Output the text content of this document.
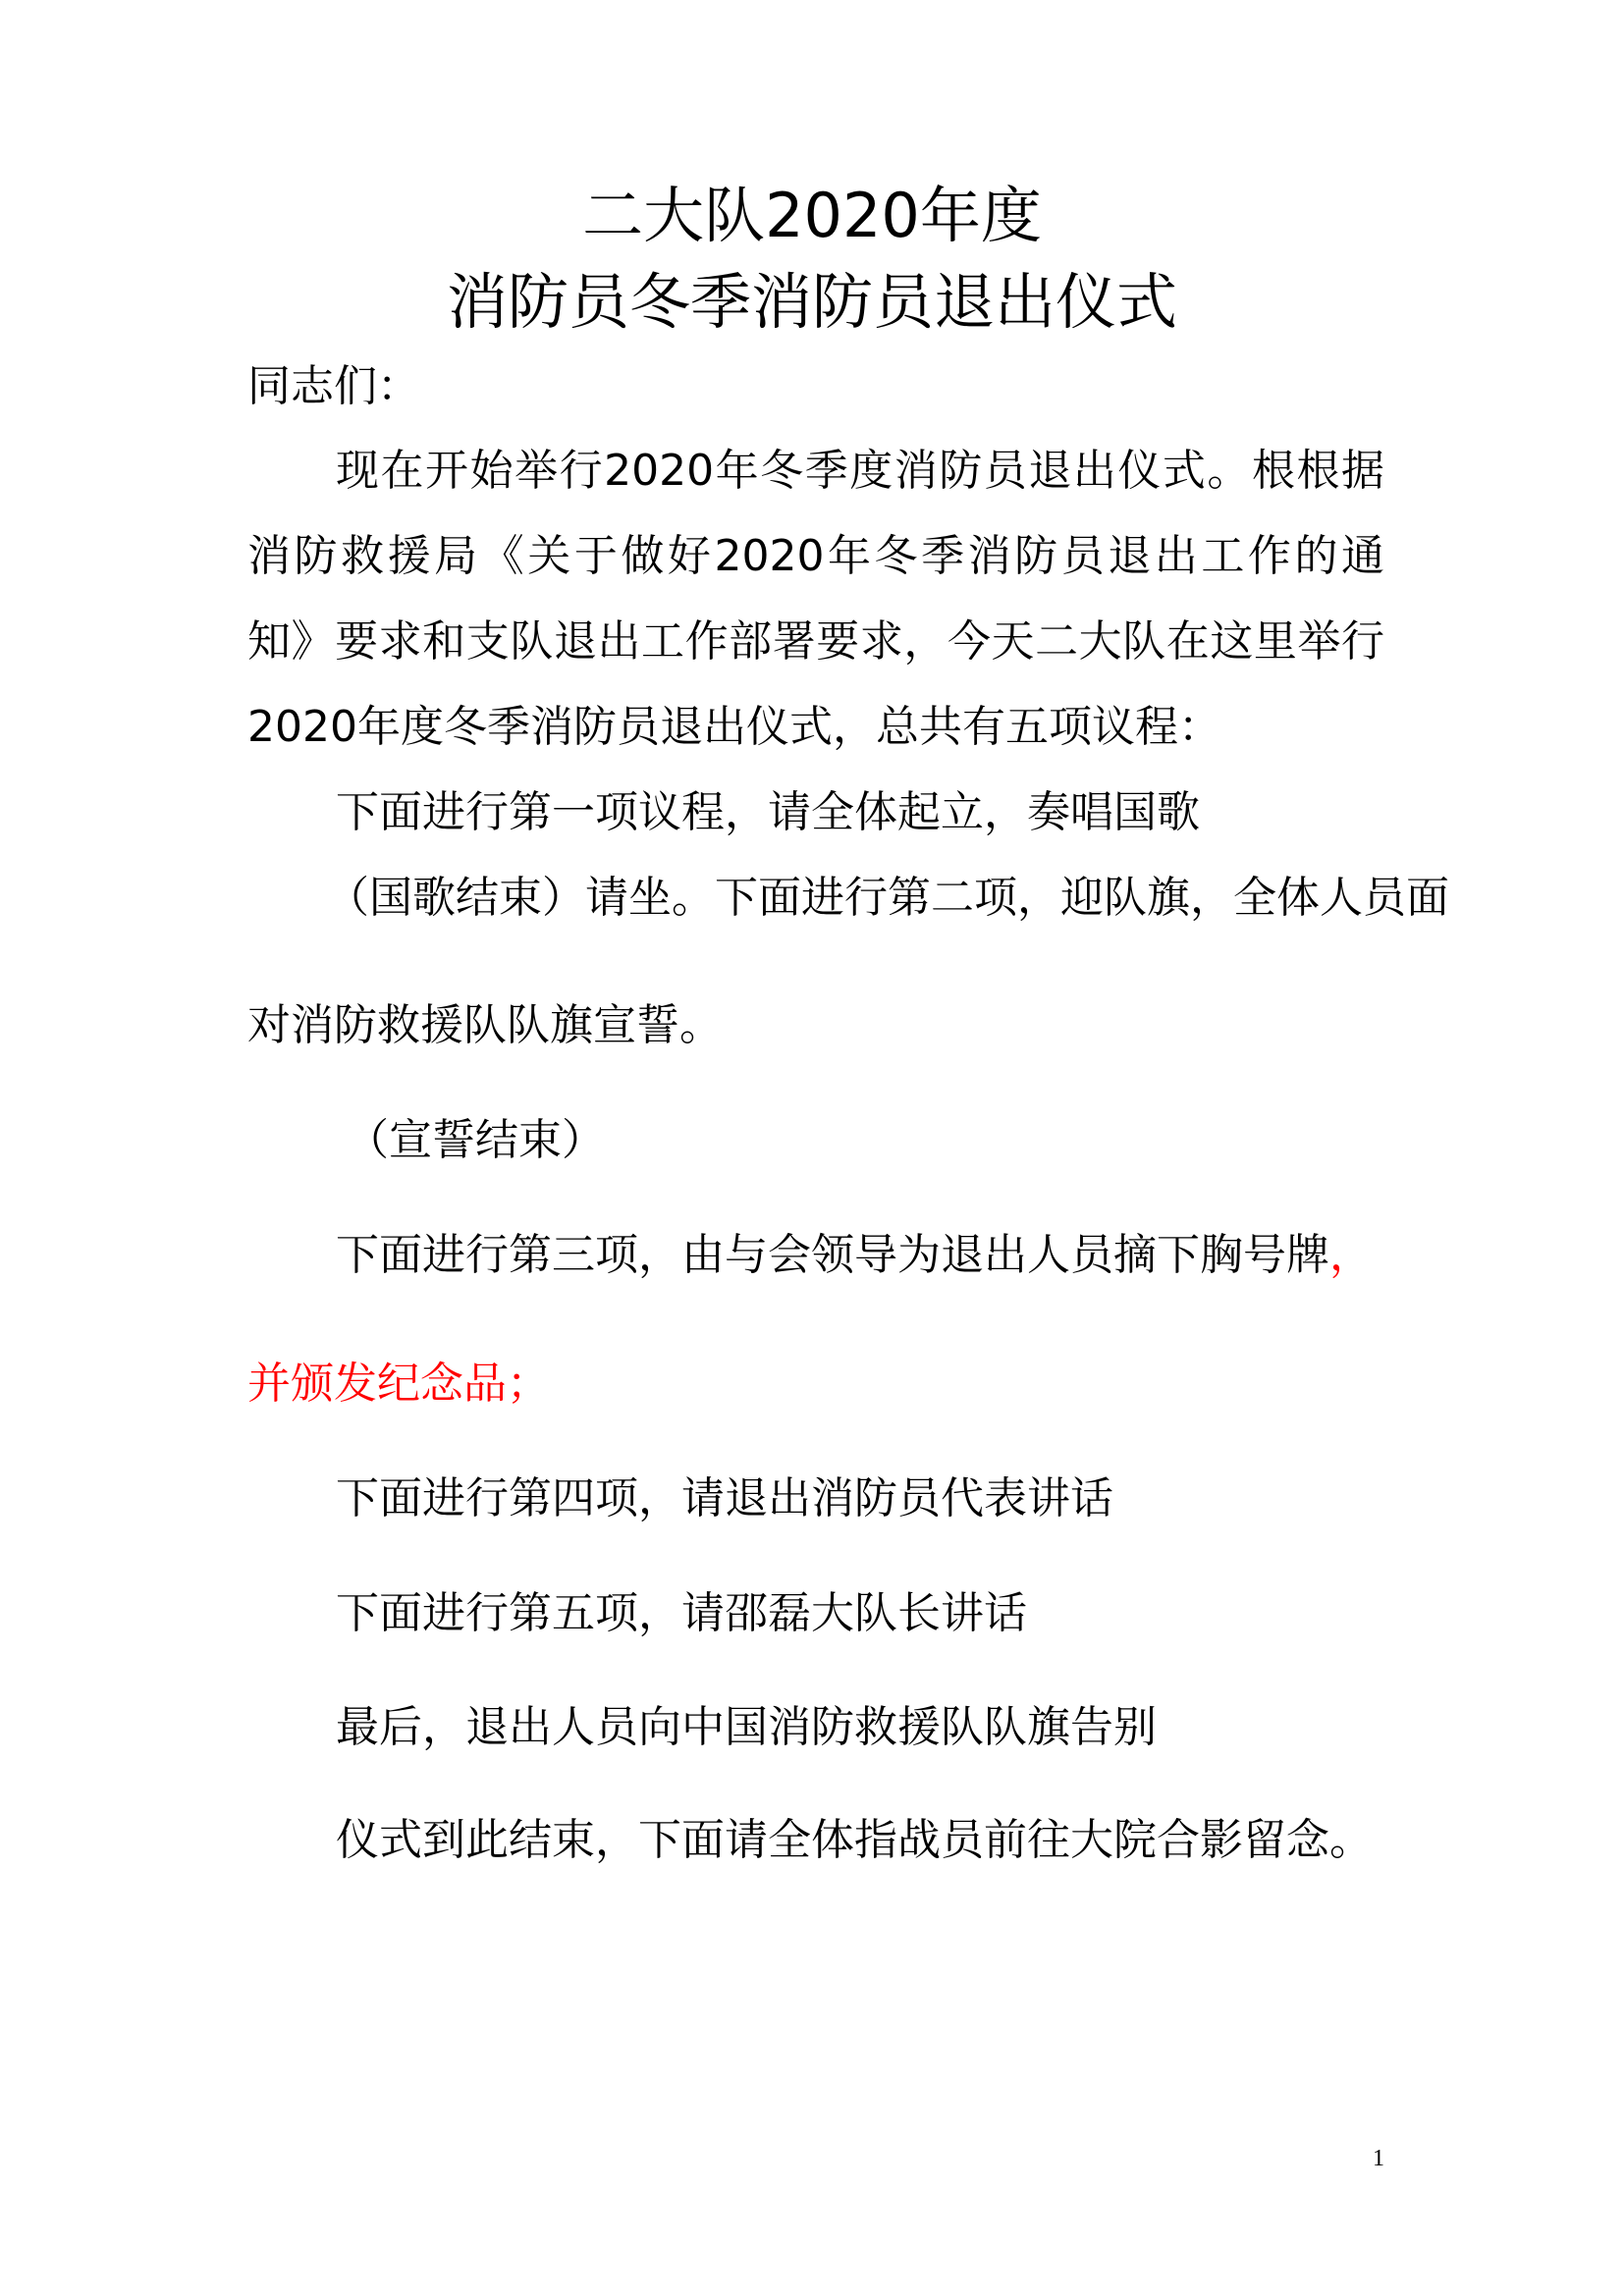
二大队2020年度
消防员冬季消防员退出仪式
同志们：
现在开始举行2020年冬季度消防员退出仪式。根根据
消防救援局《关于做好2020年冬季消防员退出工作的通
知》要求和支队退出工作部署要求，今天二大队在这里举行
2020年度冬季消防员退出仪式，总共有五项议程：
下面进行第一项议程，请全体起立，奏唱国歌
（国歌结束）请坐。下面进行第二项，迎队旗，全体人员面
对消防救援队队旗宣誓。
（宣誓结束）
下面进行第三项，由与会领导为退出人员摘下胸号牌，
并颁发纪念品；
下面进行第四项，请退出消防员代表讲话
下面进行第五项，请邵磊大队长讲话
最后，退出人员向中国消防救援队队旗告别
仪式到此结束，下面请全体指战员前往大院合影留念。
1
